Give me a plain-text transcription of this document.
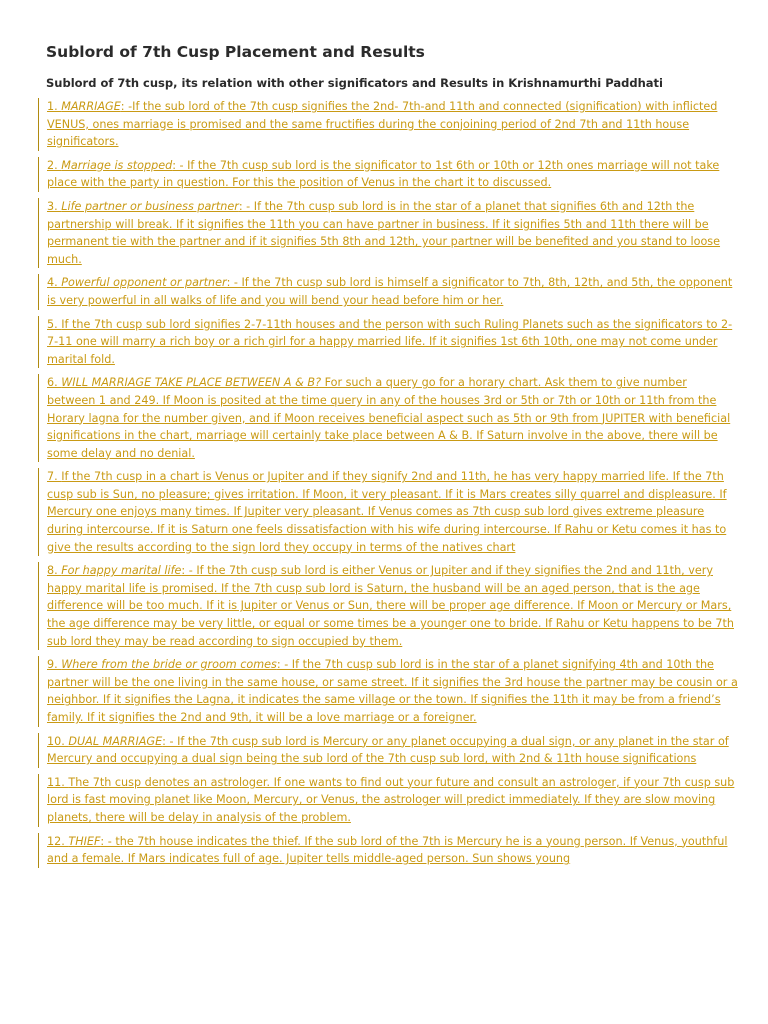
Sublord of 7th Cusp Placement and Results
Sublord of 7th cusp, its relation with other significators and Results in Krishnamurthi Paddhati
1. MARRIAGE: -If the sub lord of the 7th cusp signifies the 2nd- 7th-and 11th and connected (signification) with inflicted VENUS, ones marriage is promised and the same fructifies during the conjoining period of 2nd 7th and 11th house significators.
2. Marriage is stopped: - If the 7th cusp sub lord is the significator to 1st 6th or 10th or 12th ones marriage will not take place with the party in question. For this the position of Venus in the chart it to discussed.
3. Life partner or business partner: - If the 7th cusp sub lord is in the star of a planet that signifies 6th and 12th the partnership will break. If it signifies the 11th you can have partner in business. If it signifies 5th and 11th there will be permanent tie with the partner and if it signifies 5th 8th and 12th, your partner will be benefited and you stand to loose much.
4. Powerful opponent or partner: - If the 7th cusp sub lord is himself a significator to 7th, 8th, 12th, and 5th, the opponent is very powerful in all walks of life and you will bend your head before him or her.
5. If the 7th cusp sub lord signifies 2-7-11th houses and the person with such Ruling Planets such as the significators to 2-7-11 one will marry a rich boy or a rich girl for a happy married life. If it signifies 1st 6th 10th, one may not come under marital fold.
6. WILL MARRIAGE TAKE PLACE BETWEEN A & B? For such a query go for a horary chart. Ask them to give number between 1 and 249. If Moon is posited at the time query in any of the houses 3rd or 5th or 7th or 10th or 11th from the Horary lagna for the number given, and if Moon receives beneficial aspect such as 5th or 9th from JUPITER with beneficial significations in the chart, marriage will certainly take place between A & B. If Saturn involve in the above, there will be some delay and no denial.
7. If the 7th cusp in a chart is Venus or Jupiter and if they signify 2nd and 11th, he has very happy married life. If the 7th cusp sub is Sun, no pleasure; gives irritation. If Moon, it very pleasant. If it is Mars creates silly quarrel and displeasure. If Mercury one enjoys many times. If Jupiter very pleasant. If Venus comes as 7th cusp sub lord gives extreme pleasure during intercourse. If it is Saturn one feels dissatisfaction with his wife during intercourse. If Rahu or Ketu comes it has to give the results according to the sign lord they occupy in terms of the natives chart
8. For happy marital life: - If the 7th cusp sub lord is either Venus or Jupiter and if they signifies the 2nd and 11th, very happy marital life is promised. If the 7th cusp sub lord is Saturn, the husband will be an aged person, that is the age difference will be too much. If it is Jupiter or Venus or Sun, there will be proper age difference. If Moon or Mercury or Mars, the age difference may be very little, or equal or some times be a younger one to bride. If Rahu or Ketu happens to be 7th sub lord they may be read according to sign occupied by them.
9. Where from the bride or groom comes: - If the 7th cusp sub lord is in the star of a planet signifying 4th and 10th the partner will be the one living in the same house, or same street. If it signifies the 3rd house the partner may be cousin or a neighbor. If it signifies the Lagna, it indicates the same village or the town. If signifies the 11th it may be from a friend’s family. If it signifies the 2nd and 9th, it will be a love marriage or a foreigner.
10. DUAL MARRIAGE: - If the 7th cusp sub lord is Mercury or any planet occupying a dual sign, or any planet in the star of Mercury and occupying a dual sign being the sub lord of the 7th cusp sub lord, with 2nd & 11th house significations
11. The 7th cusp denotes an astrologer. If one wants to find out your future and consult an astrologer, if your 7th cusp sub lord is fast moving planet like Moon, Mercury, or Venus, the astrologer will predict immediately. If they are slow moving planets, there will be delay in analysis of the problem.
12. THIEF: - the 7th house indicates the thief. If the sub lord of the 7th is Mercury he is a young person. If Venus, youthful and a female. If Mars indicates full of age. Jupiter tells middle-aged person. Sun shows young
